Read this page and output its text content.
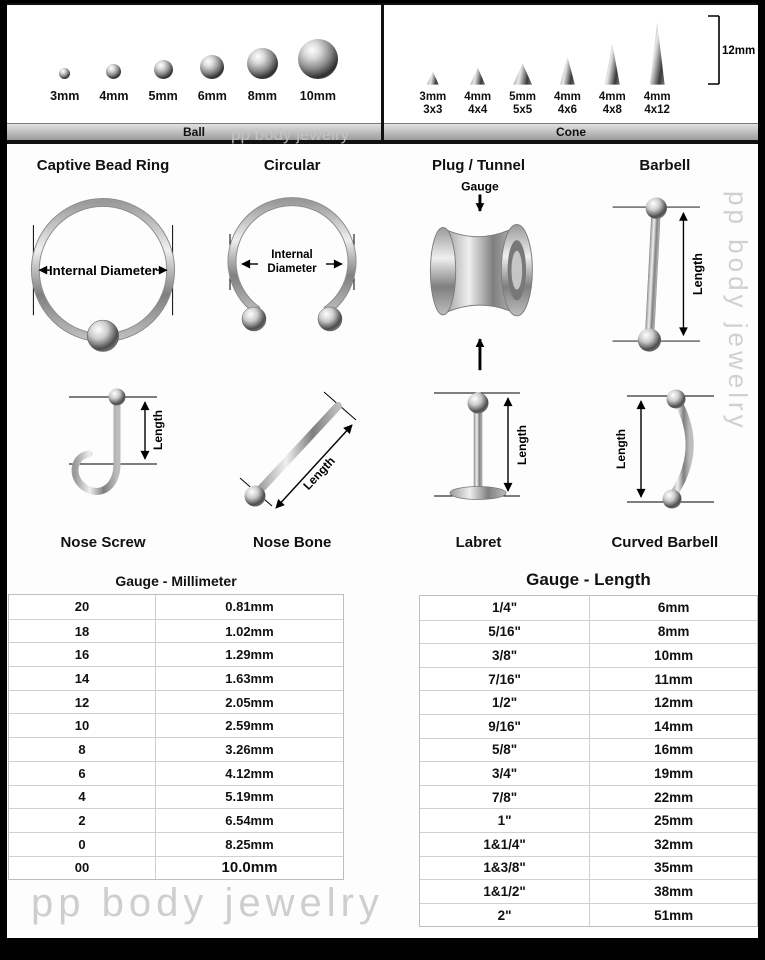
pp body jewelry
pp body jewelry
pp body jewelry
3mm 4mm 5mm 6mm 8mm 10mm
Ball
3mm
3x3
4mm
4x4
5mm
5x5
4mm
4x6
4mm
4x8
4mm
4x12
12mm
Cone
Captive Bead Ring
Internal Diameter
Circular
Internal
Diameter
Plug / Tunnel
Gauge
Barbell
Length
Length
Nose Screw
Length
Nose Bone
Length
Labret
Length
Curved Barbell
Gauge - Millimeter
20	0.81mm
18	1.02mm
16	1.29mm
14	1.63mm
12	2.05mm
10	2.59mm
8	3.26mm
6	4.12mm
4	5.19mm
2	6.54mm
0	8.25mm
00	10.0mm
Gauge - Length
1/4"	6mm
5/16"	8mm
3/8"	10mm
7/16"	11mm
1/2"	12mm
9/16"	14mm
5/8"	16mm
3/4"	19mm
7/8"	22mm
1"	25mm
1&1/4"	32mm
1&3/8"	35mm
1&1/2"	38mm
2"	51mm
